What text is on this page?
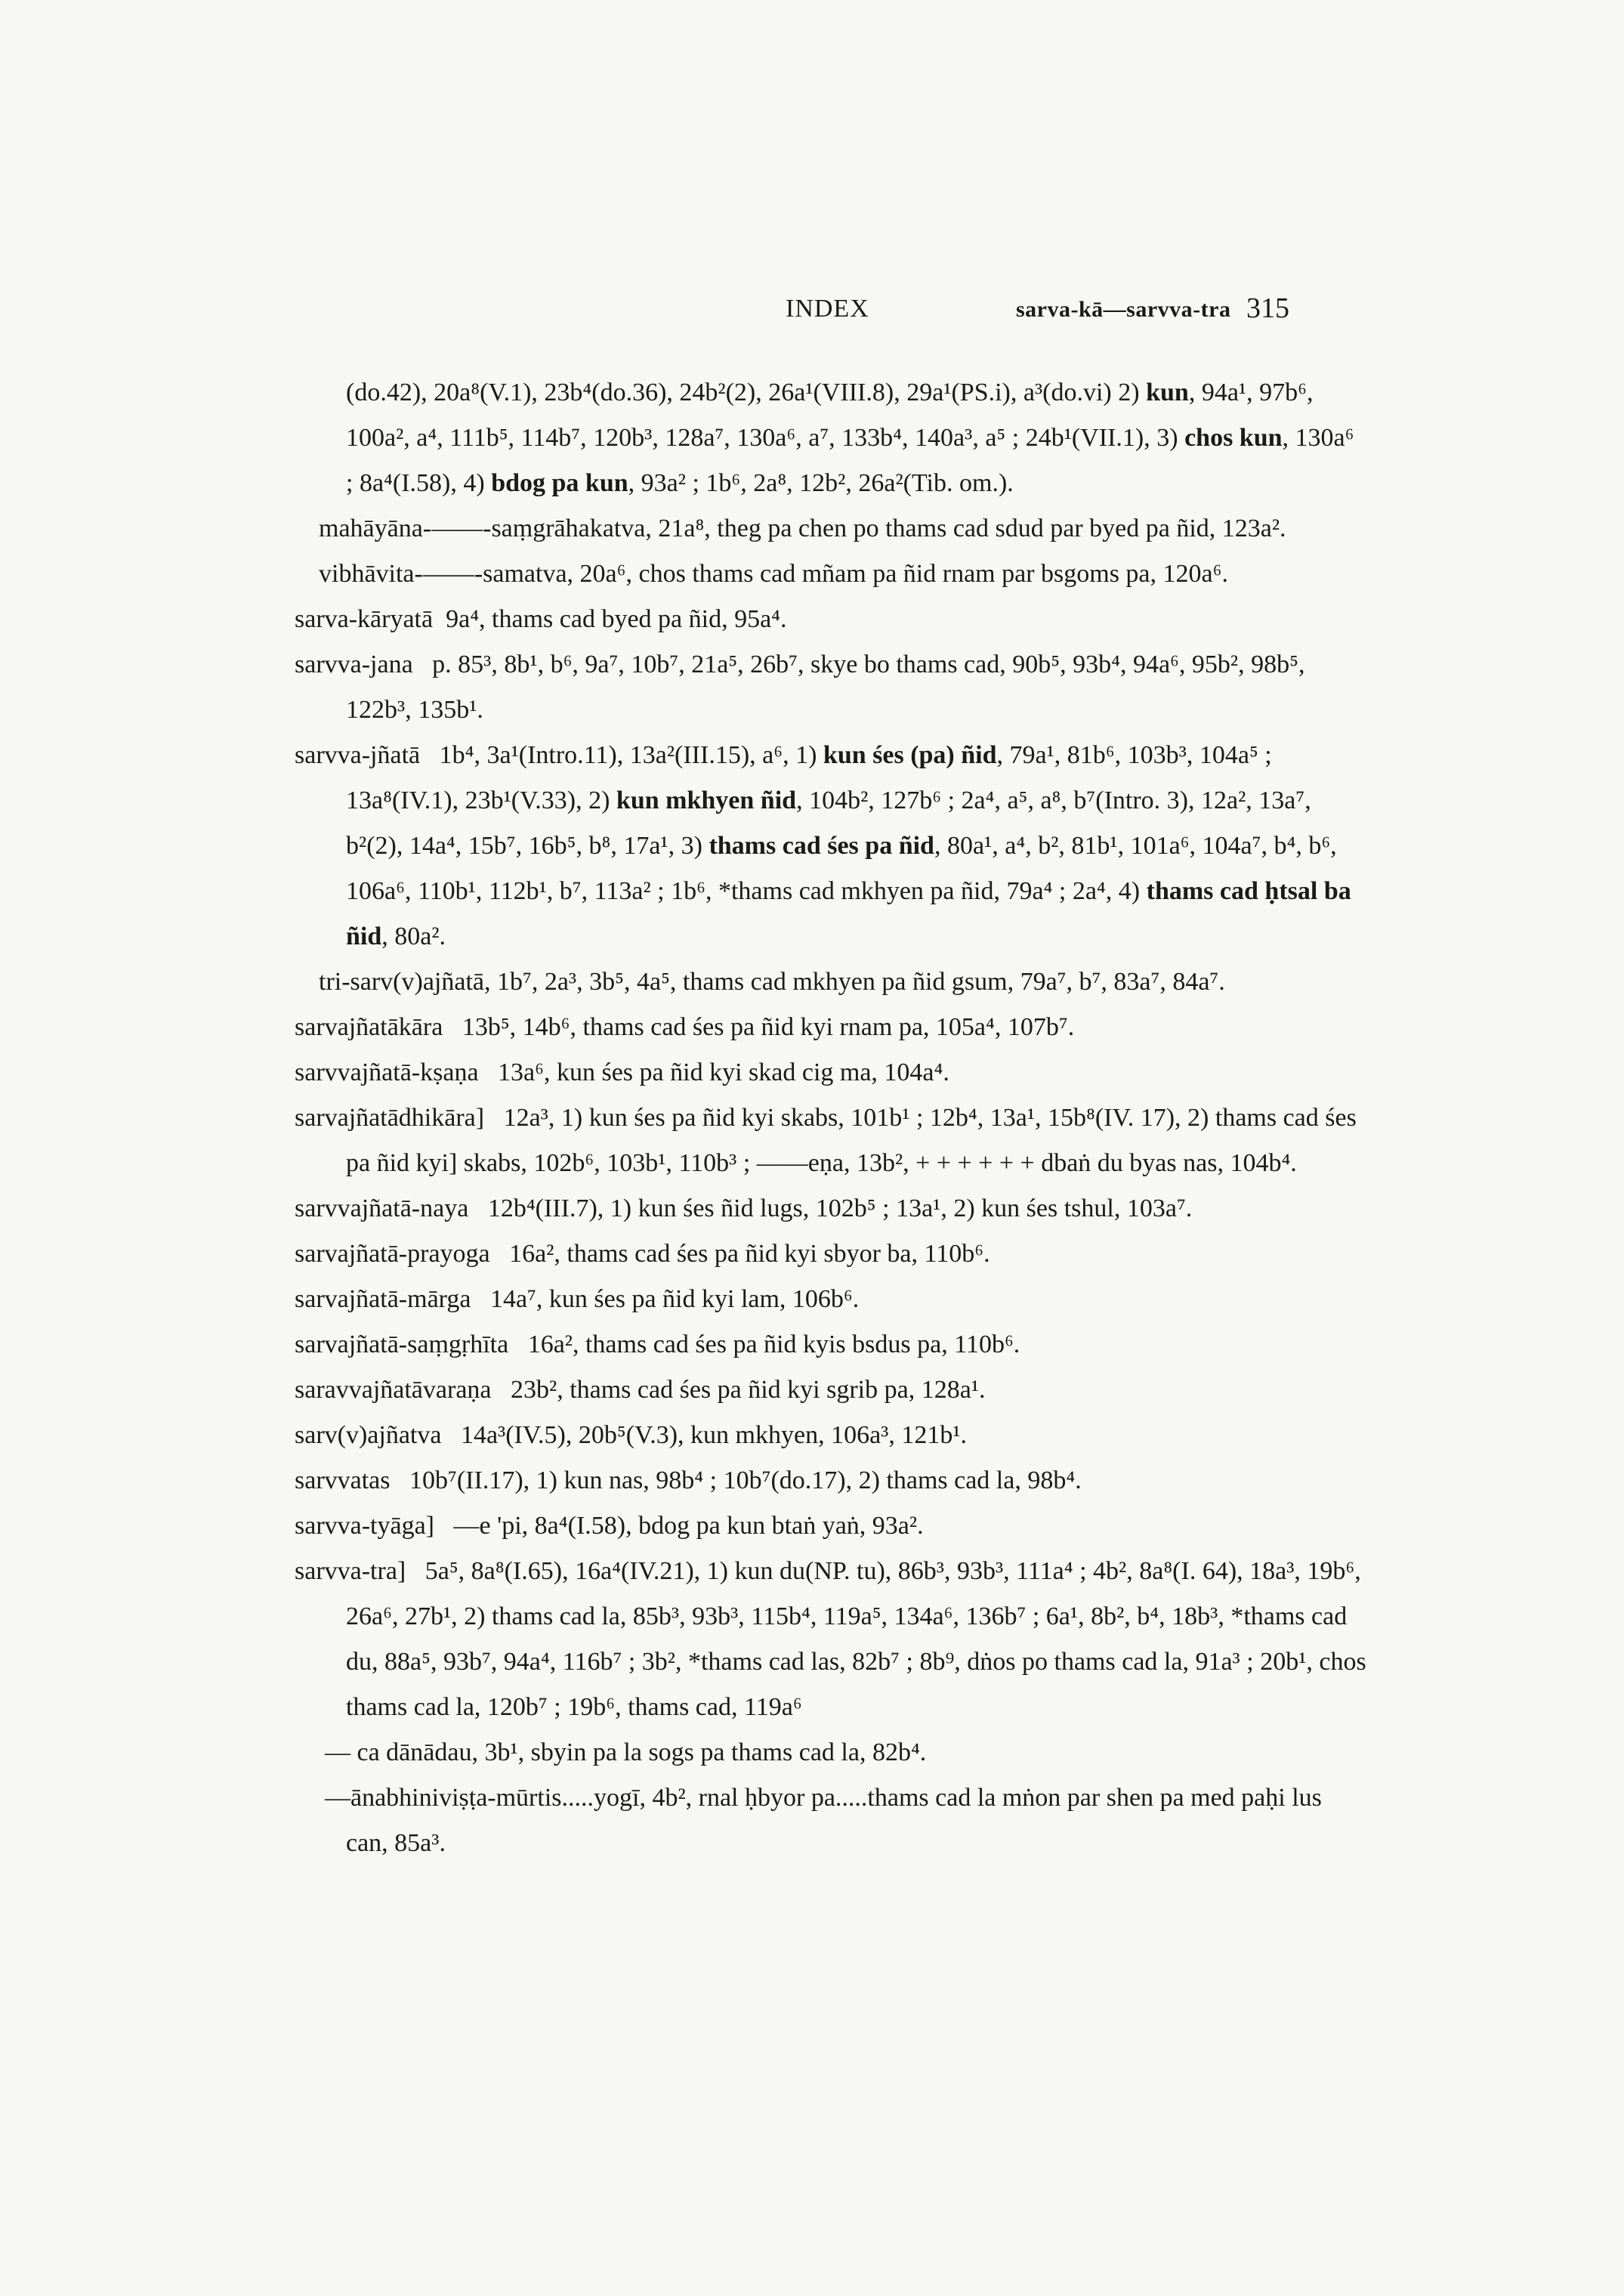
INDEX	sarva-kā—sarvva-tra 315

(do.42), 20a⁸(V.1), 23b⁴(do.36), 24b²(2), 26a¹(VIII.8), 29a¹(PS.i), a³(do.vi) 2) kun, 94a¹, 97b⁶, 100a², a⁴, 111b⁵, 114b⁷, 120b³, 128a⁷, 130a⁶, a⁷, 133b⁴, 140a³, a⁵ ; 24b¹(VII.1), 3) chos kun, 130a⁶ ; 8a⁴(I.58), 4) bdog pa kun, 93a² ; 1b⁶, 2a⁸, 12b², 26a²(Tib. om.).

mahāyāna-——-saṃgrāhakatva, 21a⁸, theg pa chen po thams cad sdud par byed pa ñid, 123a².

vibhāvita-——-samatva, 20a⁶, chos thams cad mñam pa ñid rnam par bsgoms pa, 120a⁶.

sarva-kāryatā  9a⁴, thams cad byed pa ñid, 95a⁴.

sarvva-jana   p. 85³, 8b¹, b⁶, 9a⁷, 10b⁷, 21a⁵, 26b⁷, skye bo thams cad, 90b⁵, 93b⁴, 94a⁶, 95b², 98b⁵, 122b³, 135b¹.

sarvva-jñatā   1b⁴, 3a¹(Intro.11), 13a²(III.15), a⁶, 1) kun śes (pa) ñid, 79a¹, 81b⁶, 103b³, 104a⁵ ; 13a⁸(IV.1), 23b¹(V.33), 2) kun mkhyen ñid, 104b², 127b⁶ ; 2a⁴, a⁵, a⁸, b⁷(Intro. 3), 12a², 13a⁷, b²(2), 14a⁴, 15b⁷, 16b⁵, b⁸, 17a¹, 3) thams cad śes pa ñid, 80a¹, a⁴, b², 81b¹, 101a⁶, 104a⁷, b⁴, b⁶, 106a⁶, 110b¹, 112b¹, b⁷, 113a² ; 1b⁶, *thams cad mkhyen pa ñid, 79a⁴ ; 2a⁴, 4) thams cad ḥtsal ba ñid, 80a².

tri-sarv(v)ajñatā, 1b⁷, 2a³, 3b⁵, 4a⁵, thams cad mkhyen pa ñid gsum, 79a⁷, b⁷, 83a⁷, 84a⁷.

sarvajñatākāra   13b⁵, 14b⁶, thams cad śes pa ñid kyi rnam pa, 105a⁴, 107b⁷.

sarvvajñatā-kṣaṇa   13a⁶, kun śes pa ñid kyi skad cig ma, 104a⁴.

sarvajñatādhikāra]   12a³, 1) kun śes pa ñid kyi skabs, 101b¹ ; 12b⁴, 13a¹, 15b⁸(IV. 17), 2) thams cad śes pa ñid kyi] skabs, 102b⁶, 103b¹, 110b³ ; ——eṇa, 13b², + + + + + + dbaṅ du byas nas, 104b⁴.

sarvvajñatā-naya   12b⁴(III.7), 1) kun śes ñid lugs, 102b⁵ ; 13a¹, 2) kun śes tshul, 103a⁷.

sarvajñatā-prayoga   16a², thams cad śes pa ñid kyi sbyor ba, 110b⁶.

sarvajñatā-mārga   14a⁷, kun śes pa ñid kyi lam, 106b⁶.

sarvajñatā-saṃgṛhīta   16a², thams cad śes pa ñid kyis bsdus pa, 110b⁶.

saravvajñatāvaraṇa   23b², thams cad śes pa ñid kyi sgrib pa, 128a¹.

sarv(v)ajñatva   14a³(IV.5), 20b⁵(V.3), kun mkhyen, 106a³, 121b¹.

sarvvatas   10b⁷(II.17), 1) kun nas, 98b⁴ ; 10b⁷(do.17), 2) thams cad la, 98b⁴.

sarvva-tyāga]   —e 'pi, 8a⁴(I.58), bdog pa kun btaṅ yaṅ, 93a².

sarvva-tra]   5a⁵, 8a⁸(I.65), 16a⁴(IV.21), 1) kun du(NP. tu), 86b³, 93b³, 111a⁴ ; 4b², 8a⁸(I. 64), 18a³, 19b⁶, 26a⁶, 27b¹, 2) thams cad la, 85b³, 93b³, 115b⁴, 119a⁵, 134a⁶, 136b⁷ ; 6a¹, 8b², b⁴, 18b³, *thams cad du, 88a⁵, 93b⁷, 94a⁴, 116b⁷ ; 3b², *thams cad las, 82b⁷ ; 8b⁹, dṅos po thams cad la, 91a³ ; 20b¹, chos thams cad la, 120b⁷ ; 19b⁶, thams cad, 119a⁶

— ca dānādau, 3b¹, sbyin pa la sogs pa thams cad la, 82b⁴.

—ānabhiniviṣṭa-mūrtis.....yogī, 4b², rnal ḥbyor pa.....thams cad la mṅon par shen pa med paḥi lus can, 85a³.
